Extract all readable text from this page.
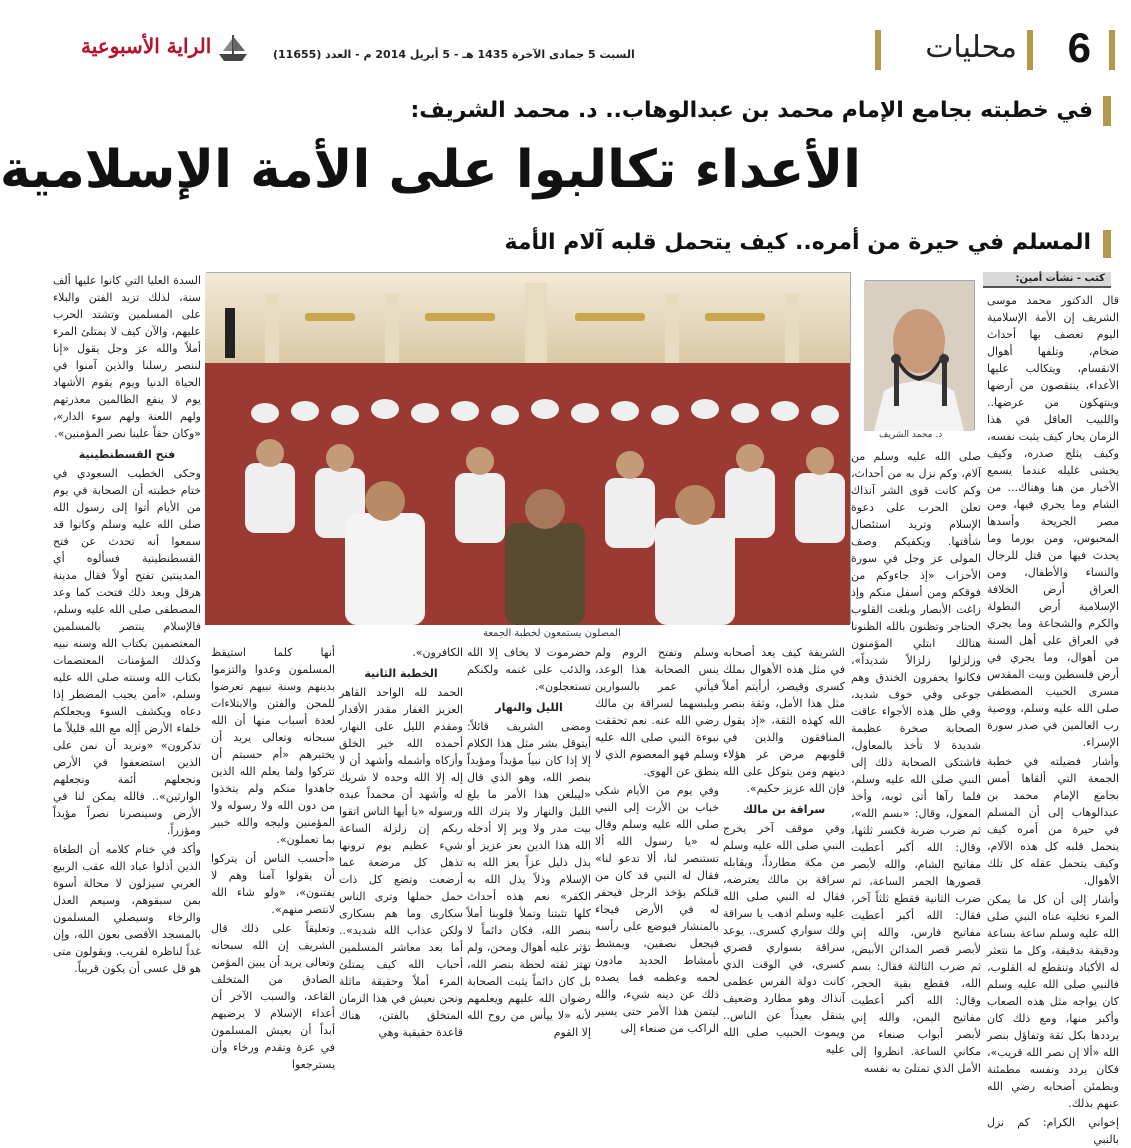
6
محليات
السبت 5 جمادى الآخرة 1435 هـ - 5 أبريل 2014 م - العدد (11655)
الراية الأسبوعية
في خطبته بجامع الإمام محمد بن عبدالوهاب.. د. محمد الشريف:
الأعداء تكالبوا على الأمة الإسلامية
المسلم في حيرة من أمره.. كيف يتحمل قلبه آلام الأمة
كتب - نشأت أمين:
المصلون يستمعون لخطبة الجمعة
د. محمد الشريف

قال الدكتور محمد موسى الشريف إن الأمة الإسلامية اليوم تعصف بها أحداث ضخام، وتلفها أهوال الانقسام، ويتكالب عليها الأعداء، ينتقصون من أرضها وينتهكون من عرضها.. واللبيب العاقل في هذا الزمان يحار كيف يثبت نفسه، وكيف يثلج صدره، وكيف يخشى غليله عندما يسمع الأخبار من هنا وهناك... من الشام وما يجري فيها، ومن مصر الجريحة وأسدها المحبوس، ومن بورما وما يحدث فيها من قتل للرجال والنساء والأطفال، ومن العراق أرض الخلافة الإسلامية أرض البطولة والكرم والشجاعة وما يجري في العراق على أهل السنة من أهوال، وما يجري في أرض فلسطين وبيت المقدس مسرى الحبيب المصطفى صلى الله عليه وسلم، ووصية رب العالمين في صدر سورة الإسراء.

وأشار فضيلته في خطبة الجمعة التي ألقاها أمس بجامع الإمام محمد بن عبدالوهاب إلى أن المسلم في حيرة من أمره كيف يتحمل قلبه كل هذه الآلام، وكيف يتحمل عقله كل تلك الأهوال.

وأشار إلى أن كل ما يمكن المرء تخليه عناه النبي صلى الله عليه وسلم ساعة بساعة ودقيقة بدقيقة، وكل ما نتعثر له الأكباد وتنقطع له القلوب، فالنبي صلى الله عليه وسلم كان يواجه مثل هذه الصعاب وأكبر منها، ومع ذلك كان يرددها بكل ثقة وتفاؤل بنصر الله «ألا إن نصر الله قريب»، فكان يردد ونفسه مطمئنة وبطمئن أصحابه رضي الله عنهم بذلك.

إخواني الكرام: كم نزل بالنبي

صلى الله عليه وسلم من آلام، وكم نزل به من أحداث، وكم كانت قوى الشر آنذاك تعلن الحرب على دعوة الإسلام وتريد استئصال شأفتها. ويكفيكم وصف المولى عز وجل في سورة الأحزاب «إذ جاءوكم من فوقكم ومن أسفل منكم وإذ زاغت الأبصار وبلغت القلوب الحناجر وتظنون بالله الظنونا هنالك ابتلي المؤمنون وزلزلوا زلزالاً شديداً»، فكانوا يحفرون الخندق وهم جوعى وفي خوف شديد، وفي ظل هذه الأجواء عاقت الصحابة صخرة عظيمة شديدة لا تأخذ بالمعاول، فاشتكى الصحابة ذلك إلى النبي صلى الله عليه وسلم، فلما رآها أتى ثوبه، وأخذ المعول، وقال: «بسم الله»، ثم ضرب ضربة فكسر ثلثها، وقال: الله أكبر أعطيت مفاتيح الشام، والله لأبصر قصورها الحمر الساعة، ثم ضرب الثانية فقطع ثلثاً آخر، فقال: الله أكبر أعطيت مفاتيح فارس، والله إني لأبصر قصر المدائن الأبيض، ثم ضرب الثالثة فقال: بسم الله، فقطع بقية الحجر، وقال: الله أكبر أعطيت مفاتيح اليمن، والله إني لأبصر أبواب صنعاء من مكاني الساعة. انظروا إلى الأمل الذي تمتلئ به نفسه

الشريفة كيف يعد أصحابه في مثل هذه الأهوال بملك كسرى وقيصر، أرأيتم أملاً مثل هذا الأمل، وثقة بنصر الله كهذه الثقة، «إذ يقول المنافقون والذين في قلوبهم مرض غر هؤلاء دينهم ومن يتوكل على الله فإن الله عزيز حكيم».

سراقة بن مالك

وفي موقف آخر يخرج النبي صلى الله عليه وسلم من مكة مطارداً، ويقابله سراقة بن مالك يعترضه، فقال له النبي صلى الله عليه وسلم اذهب يا سراقة ولك سواري كسرى.. يوعد سراقة بسواري قصري كسرى، في الوقت الذي كانت دولة الفرس عظمى آنذاك وهو مطارد وضعيف يتنقل بعيداً عن الناس.. ويموت الحبيب صلى الله عليه

وسلم وتفتح الروم ولم ينس الصحابة هذا الوعد، فيأتي عمر بالسوارين ويلبسهما لسراقة بن مالك رضي الله عنه. نعم تحققت نبوءة النبي صلى الله عليه وسلم فهو المعصوم الذي لا ينطق عن الهوى.

وفي يوم من الأيام شكى خباب بن الأرت إلى النبي صلى الله عليه وسلم وقال له «يا رسول الله ألا تستنصر لنا، ألا تدعو لنا» فقال له النبي قد كان من قبلكم يؤخذ الرجل فيحفر له في الأرض فيجاء بالمنشار فيوضع على رأسه فيجعل نصفين، ويمشط بأمشاط الحديد مادون لحمه وعظمه فما يصده ذلك عن دينه شيء، والله ليتمن هذا الأمر حتى يسير الراكب من صنعاء إلى

حضرموت لا يخاف إلا الله والذئب على غنمه ولكنكم تستعجلون».

الليل والنهار

ومضى الشريف قائلاً: أيتوقل بشر مثل هذا الكلام إلا إذا كان نبياً مؤيداً ومؤيداً بنصر الله، وهو الذي قال «ليبلغن هذا الأمر ما بلغ الليل والنهار ولا يترك الله بيت مدر ولا وبر إلا أدخله الله هذا الدين بعز عزيز أو بذل ذليل عزاً يعز الله به الإسلام وذلاً يذل الله به الكفر» نعم هذه أحداث كلها تثبتنا وتملأ قلوبنا أملاً بنصر الله، فكان دائماً لا تؤثر عليه أهوال ومحن، ولم تهتز ثقته لحظة بنصر الله، بل كان دائماً يثبت الصحابة رضوان الله عليهم ويعلمهم لأنه «لا ييأس من روح الله إلا القوم

الكافرون».

الخطبة الثانية

الحمد لله الواحد القاهر العزيز الغفار مقدر الأقدار ومقدم الليل على النهار، أحمده الله خير الخلق وأزكاه وأشمله وأشهد أن لا إله إلا الله وحده لا شريك له وأشهد أن محمداً عبده ورسوله «يا أيها الناس اتقوا ربكم إن زلزلة الساعة شيء عظيم يوم ترونها تذهل كل مرضعة عما أرضعت وتضع كل ذات حمل حملها وترى الناس سكارى وما هم بسكارى ولكن عذاب الله شديد».. أما بعد معاشر المسلمين أحباب الله كيف يمتلئ المرء أملاً وحقيقة ماثلة ونحن نعيش في هذا الزمان المتخلق بالفتن، هناك قاعدة حقيقية وهي

أنها كلما استيقظ المسلمون وعدوا والتزموا بدينهم وسنة نبيهم تعرضوا للمحن والفتن والابتلاءات لعدة أسباب منها أن الله سبحانه وتعالى يريد أن يختبرهم «أم حسبتم أن تتركوا ولما يعلم الله الذين جاهدوا منكم ولم يتخذوا من دون الله ولا رسوله ولا المؤمنين وليجه والله خبير بما تعملون».

«أحسب الناس أن يتركوا أن يقولوا آمنا وهم لا يفتنون»، «ولو شاء الله لانتصر منهم».

وتعليقاً على ذلك قال الشريف إن الله سبحانه وتعالى يريد أن يبين المؤمن الصادق من المتخلف القاعد، والسبب الآخر أن أعداء الإسلام لا يرضيهم أبداً أن يعيش المسلمون في عزة وتقدم ورخاء وأن يسترجعوا

السدة العليا التي كانوا عليها ألف سنة، لذلك تزيد الفتن والبلاء على المسلمين وتشتد الحرب عليهم، والآن كيف لا يمتلئ المرء أملاً والله عز وجل يقول «إنا لننصر رسلنا والذين آمنوا في الحياة الدنيا ويوم يقوم الأشهاد يوم لا ينفع الظالمين معذرتهم ولهم اللعنة ولهم سوء الدار»، «وكان حقاً علينا نصر المؤمنين».

فتح القسطنطينية

وحكى الخطيب السعودي في ختام خطبته أن الصحابة في يوم من الأيام أتوا إلى رسول الله صلى الله عليه وسلم وكانوا قد سمعوا أنه تحدث عن فتح القسطنطينية فسألوه أي المدينتين تفتح أولاً فقال مدينة هرقل وبعد ذلك فتحت كما وعد المصطفى صلى الله عليه وسلم، فالإسلام ينتصر بالمسلمين المعتصمين بكتاب الله وسنه نبيه وكذلك المؤمنات المعتصمات بكتاب الله وسنته صلى الله عليه وسلم، «أمن يجيب المضطر إذا دعاه ويكشف السوء ويجعلكم خلفاء الأرض أإله مع الله قليلاً ما تذكرون» «ونريد أن نمن على الذين استضعفوا في الأرض ونجعلهم أئمة ونجعلهم الوارثين».. فالله يمكن لنا في الأرض وسينصرنا نصراً مؤيداً ومؤزراً.

وأكد في ختام كلامه أن الطغاة الذين أذلوا عباد الله عقب الربيع العربي سيزلون لا محالة أسوة بمن سبقوهم، وسيعم العدل والرخاء وسيصلي المسلمون بالمسجد الأقصى بعون الله، وإن غداً لناظره لقريب. ويقولون متى هو قل عسى أن يكون قريباً.
